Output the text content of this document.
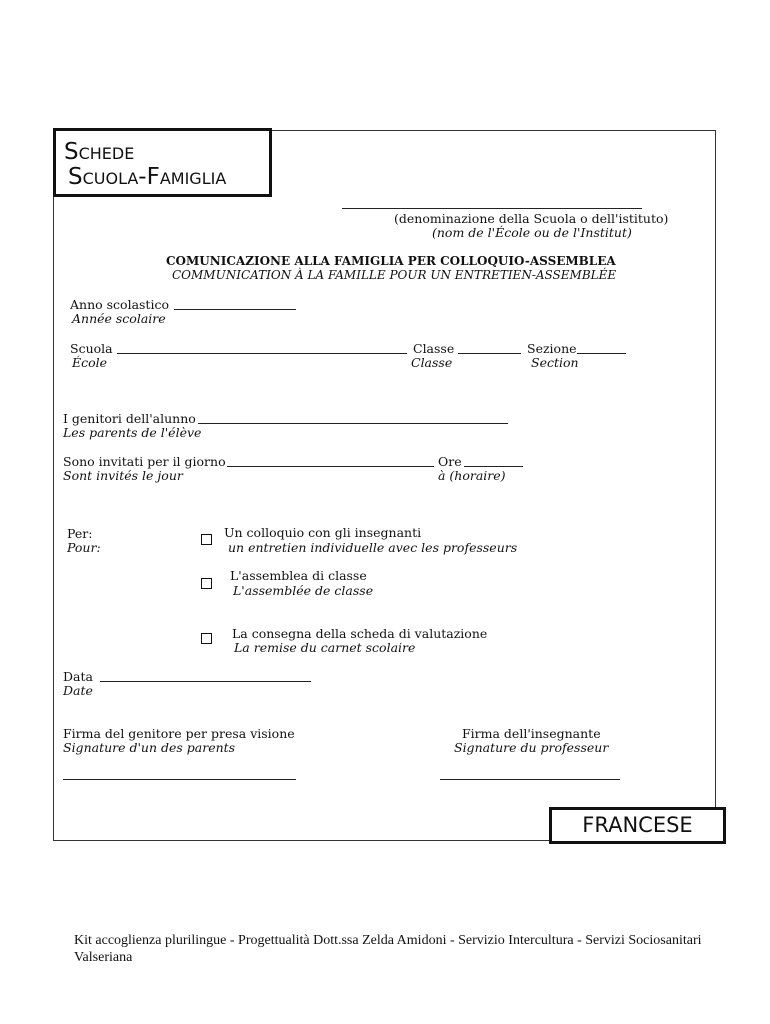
Schede
Scuola-Famiglia
(denominazione della Scuola o dell'istituto)
(nom de l'École ou de l'Institut)
COMUNICAZIONE ALLA FAMIGLIA PER COLLOQUIO-ASSEMBLEA
COMMUNICATION À LA FAMILLE POUR UN ENTRETIEN-ASSEMBLÉE
Anno scolastico
Année scolaire
Scuola
École
Classe
Classe
Sezione
Section
I genitori dell'alunno
Les parents de l'élève
Sono invitati per il giorno
Sont invités le jour
Ore
à (horaire)
Per:
Pour:
Un colloquio con gli insegnanti
un entretien individuelle avec les professeurs
L'assemblea di classe
L'assemblée de classe
La consegna della scheda di valutazione
La remise du carnet scolaire
Data
Date
Firma del genitore per presa visione
Signature d'un des parents
Firma dell'insegnante
Signature du professeur
FRANCESE
Kit accoglienza plurilingue - Progettualità Dott.ssa Zelda Amidoni - Servizio Intercultura - Servizi Sociosanitari Valseriana
